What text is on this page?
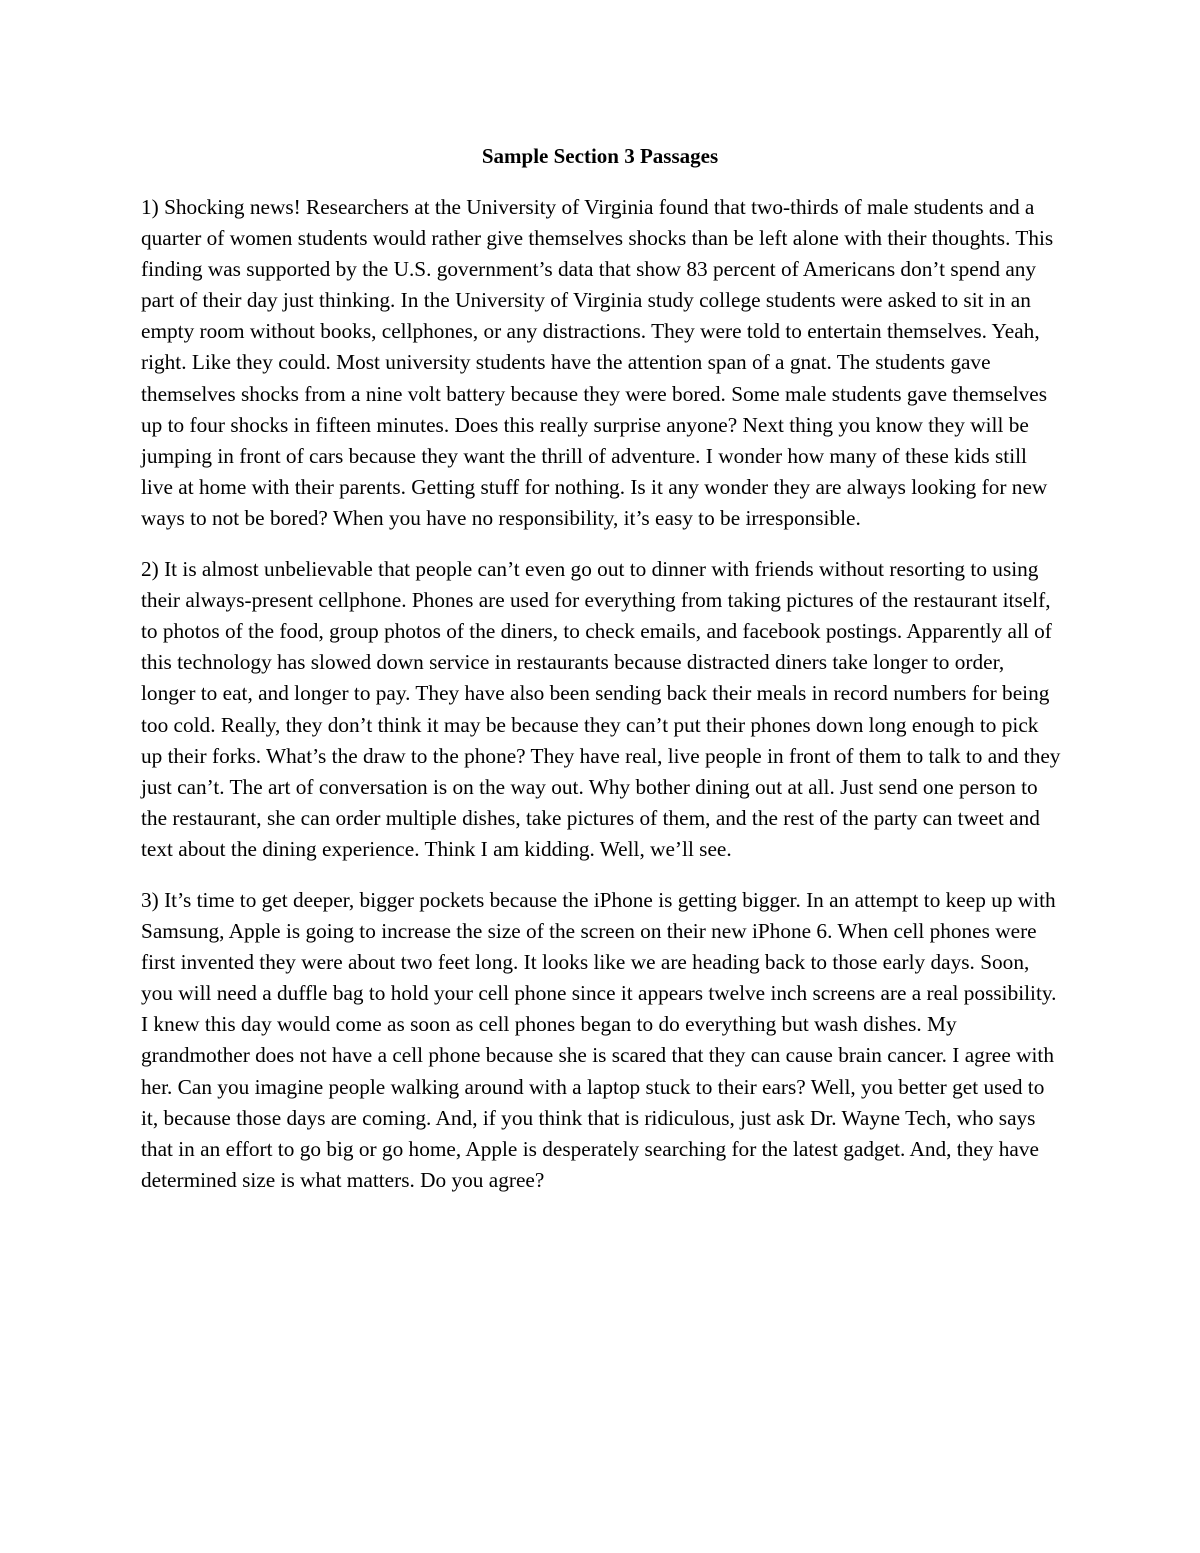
Sample Section 3 Passages

1) Shocking news! Researchers at the University of Virginia found that two-thirds of male students and a quarter of women students would rather give themselves shocks than be left alone with their thoughts. This finding was supported by the U.S. government’s data that show 83 percent of Americans don’t spend any part of their day just thinking. In the University of Virginia study college students were asked to sit in an empty room without books, cellphones, or any distractions. They were told to entertain themselves. Yeah, right. Like they could. Most university students have the attention span of a gnat. The students gave themselves shocks from a nine volt battery because they were bored. Some male students gave themselves up to four shocks in fifteen minutes. Does this really surprise anyone? Next thing you know they will be jumping in front of cars because they want the thrill of adventure. I wonder how many of these kids still live at home with their parents. Getting stuff for nothing. Is it any wonder they are always looking for new ways to not be bored? When you have no responsibility, it’s easy to be irresponsible.

2) It is almost unbelievable that people can’t even go out to dinner with friends without resorting to using their always-present cellphone. Phones are used for everything from taking pictures of the restaurant itself, to photos of the food, group photos of the diners, to check emails, and facebook postings. Apparently all of this technology has slowed down service in restaurants because distracted diners take longer to order, longer to eat, and longer to pay. They have also been sending back their meals in record numbers for being too cold. Really, they don’t think it may be because they can’t put their phones down long enough to pick up their forks. What’s the draw to the phone? They have real, live people in front of them to talk to and they just can’t. The art of conversation is on the way out. Why bother dining out at all. Just send one person to the restaurant, she can order multiple dishes, take pictures of them, and the rest of the party can tweet and text about the dining experience. Think I am kidding. Well, we’ll see.

3) It’s time to get deeper, bigger pockets because the iPhone is getting bigger. In an attempt to keep up with Samsung, Apple is going to increase the size of the screen on their new iPhone 6. When cell phones were first invented they were about two feet long. It looks like we are heading back to those early days. Soon, you will need a duffle bag to hold your cell phone since it appears twelve inch screens are a real possibility. I knew this day would come as soon as cell phones began to do everything but wash dishes. My grandmother does not have a cell phone because she is scared that they can cause brain cancer. I agree with her. Can you imagine people walking around with a laptop stuck to their ears? Well, you better get used to it, because those days are coming. And, if you think that is ridiculous, just ask Dr. Wayne Tech, who says that in an effort to go big or go home, Apple is desperately searching for the latest gadget. And, they have determined size is what matters. Do you agree?
